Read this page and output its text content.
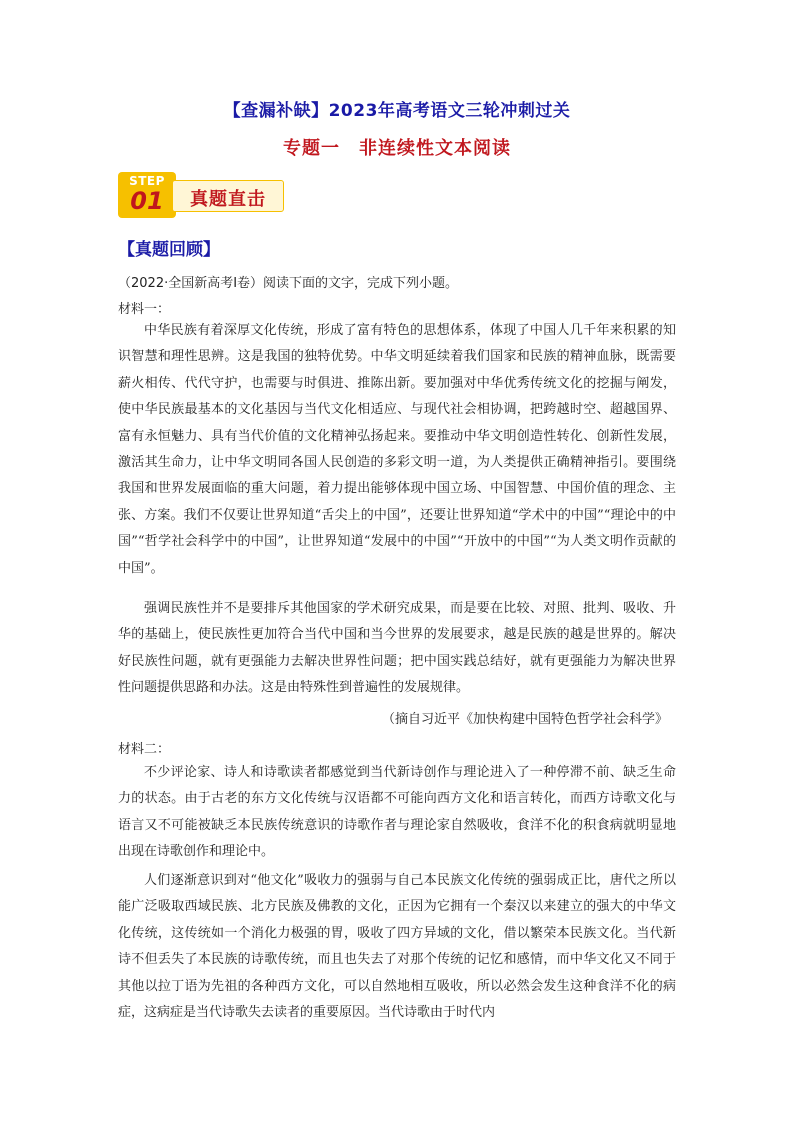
【查漏补缺】2023年高考语文三轮冲刺过关
专题一　非连续性文本阅读
STEP
01	真题直击
【真题回顾】
（2022·全国新高考Ⅰ卷）阅读下面的文字，完成下列小题。
材料一：
中华民族有着深厚文化传统，形成了富有特色的思想体系，体现了中国人几千年来积累的知识智慧和理性思辨。这是我国的独特优势。中华文明延续着我们国家和民族的精神血脉，既需要薪火相传、代代守护，也需要与时俱进、推陈出新。要加强对中华优秀传统文化的挖掘与阐发，使中华民族最基本的文化基因与当代文化相适应、与现代社会相协调，把跨越时空、超越国界、富有永恒魅力、具有当代价值的文化精神弘扬起来。要推动中华文明创造性转化、创新性发展，激活其生命力，让中华文明同各国人民创造的多彩文明一道，为人类提供正确精神指引。要围绕我国和世界发展面临的重大问题，着力提出能够体现中国立场、中国智慧、中国价值的理念、主张、方案。我们不仅要让世界知道“舌尖上的中国”，还要让世界知道“学术中的中国”“理论中的中国”“哲学社会科学中的中国”，让世界知道“发展中的中国”“开放中的中国”“为人类文明作贡献的中国”。
强调民族性并不是要排斥其他国家的学术研究成果，而是要在比较、对照、批判、吸收、升华的基础上，使民族性更加符合当代中国和当今世界的发展要求，越是民族的越是世界的。解决好民族性问题，就有更强能力去解决世界性问题；把中国实践总结好，就有更强能力为解决世界性问题提供思路和办法。这是由特殊性到普遍性的发展规律。
（摘自习近平《加快构建中国特色哲学社会科学》
材料二：
不少评论家、诗人和诗歌读者都感觉到当代新诗创作与理论进入了一种停滞不前、缺乏生命力的状态。由于古老的东方文化传统与汉语都不可能向西方文化和语言转化，而西方诗歌文化与语言又不可能被缺乏本民族传统意识的诗歌作者与理论家自然吸收，食洋不化的积食病就明显地出现在诗歌创作和理论中。
人们逐渐意识到对“他文化”吸收力的强弱与自己本民族文化传统的强弱成正比，唐代之所以能广泛吸取西域民族、北方民族及佛教的文化，正因为它拥有一个秦汉以来建立的强大的中华文化传统，这传统如一个消化力极强的胃，吸收了四方异域的文化，借以繁荣本民族文化。当代新诗不但丢失了本民族的诗歌传统，而且也失去了对那个传统的记忆和感情，而中华文化又不同于其他以拉丁语为先祖的各种西方文化，可以自然地相互吸收，所以必然会发生这种食洋不化的病症，这病症是当代诗歌失去读者的重要原因。当代诗歌由于时代内
